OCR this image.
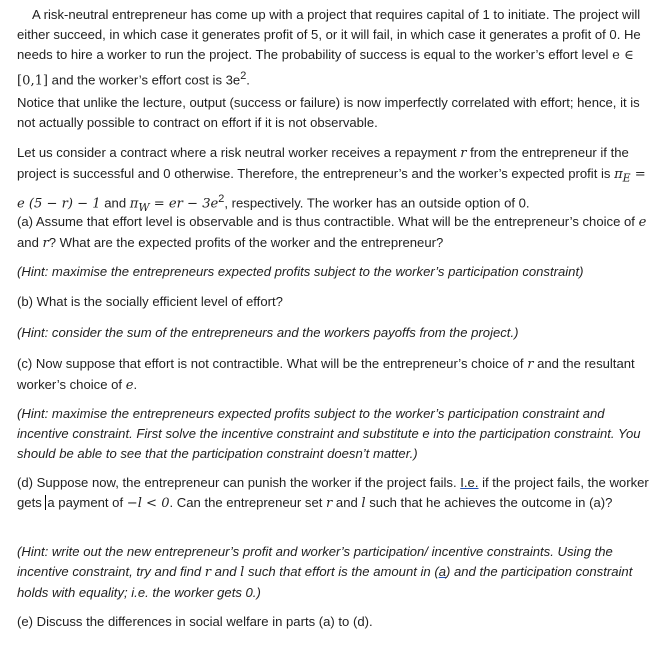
A risk-neutral entrepreneur has come up with a project that requires capital of 1 to initiate. The project will either succeed, in which case it generates profit of 5, or it will fail, in which case it generates a profit of 0. He needs to hire a worker to run the project. The probability of success is equal to the worker’s effort level e ∈ [0,1] and the worker’s effort cost is $3e^2$.

Notice that unlike the lecture, output (success or failure) is now imperfectly correlated with effort; hence, it is not actually possible to contract on effort if it is not observable.

Let us consider a contract where a risk neutral worker receives a repayment r from the entrepreneur if the project is successful and 0 otherwise. Therefore, the entrepreneur’s and the worker’s expected profit is $\pi_E = e$ (5 − r) − 1 and $\pi_W$ = er − $3e^2$, respectively. The worker has an outside option of 0.

(a) Assume that effort level is observable and is thus contractible. What will be the entrepreneur’s choice of e and r? What are the expected profits of the worker and the entrepreneur?

(Hint: maximise the entrepreneurs expected profits subject to the worker’s participation constraint)

(b) What is the socially efficient level of effort?

(Hint: consider the sum of the entrepreneurs and the workers payoffs from the project.)

(c) Now suppose that effort is not contractible. What will be the entrepreneur’s choice of r and the resultant worker’s choice of e.

(Hint: maximise the entrepreneurs expected profits subject to the worker’s participation constraint and incentive constraint. First solve the incentive constraint and substitute e into the participation constraint. You should be able to see that the participation constraint doesn’t matter.)

(d) Suppose now, the entrepreneur can punish the worker if the project fails. I.e. if the project fails, the worker gets a payment of −l < 0. Can the entrepreneur set r and l such that he achieves the outcome in (a)?

(Hint: write out the new entrepreneur’s profit and worker’s participation/ incentive constraints. Using the incentive constraint, try and find r and l such that effort is the amount in (a) and the participation constraint holds with equality; i.e. the worker gets 0.)

(e) Discuss the differences in social welfare in parts (a) to (d).
